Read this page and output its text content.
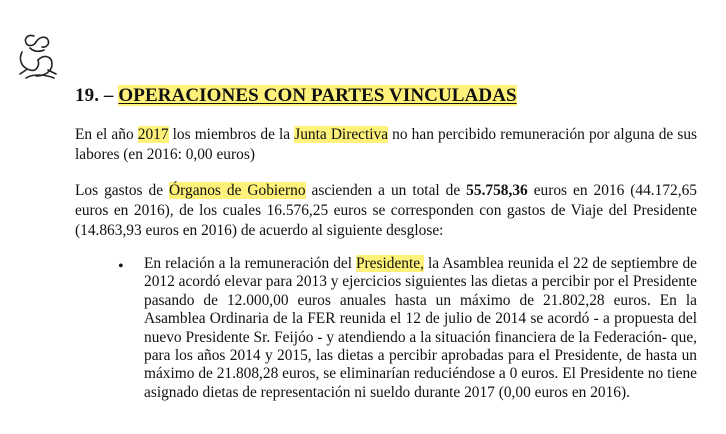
19. – OPERACIONES CON PARTES VINCULADAS

En el año 2017 los miembros de la Junta Directiva no han percibido remuneración por alguna de sus labores (en 2016: 0,00 euros)

Los gastos de Órganos de Gobierno ascienden a un total de 55.758,36 euros en 2016 (44.172,65 euros en 2016), de los cuales 16.576,25 euros se corresponden con gastos de Viaje del Presidente (14.863,93 euros en 2016) de acuerdo al siguiente desglose:

• En relación a la remuneración del Presidente, la Asamblea reunida el 22 de septiembre de 2012 acordó elevar para 2013 y ejercicios siguientes las dietas a percibir por el Presidente pasando de 12.000,00 euros anuales hasta un máximo de 21.802,28 euros. En la Asamblea Ordinaria de la FER reunida el 12 de julio de 2014 se acordó - a propuesta del nuevo Presidente Sr. Feijóo - y atendiendo a la situación financiera de la Federación- que, para los años 2014 y 2015, las dietas a percibir aprobadas para el Presidente, de hasta un máximo de 21.808,28 euros, se eliminarían reduciéndose a 0 euros. El Presidente no tiene asignado dietas de representación ni sueldo durante 2017 (0,00 euros en 2016).
